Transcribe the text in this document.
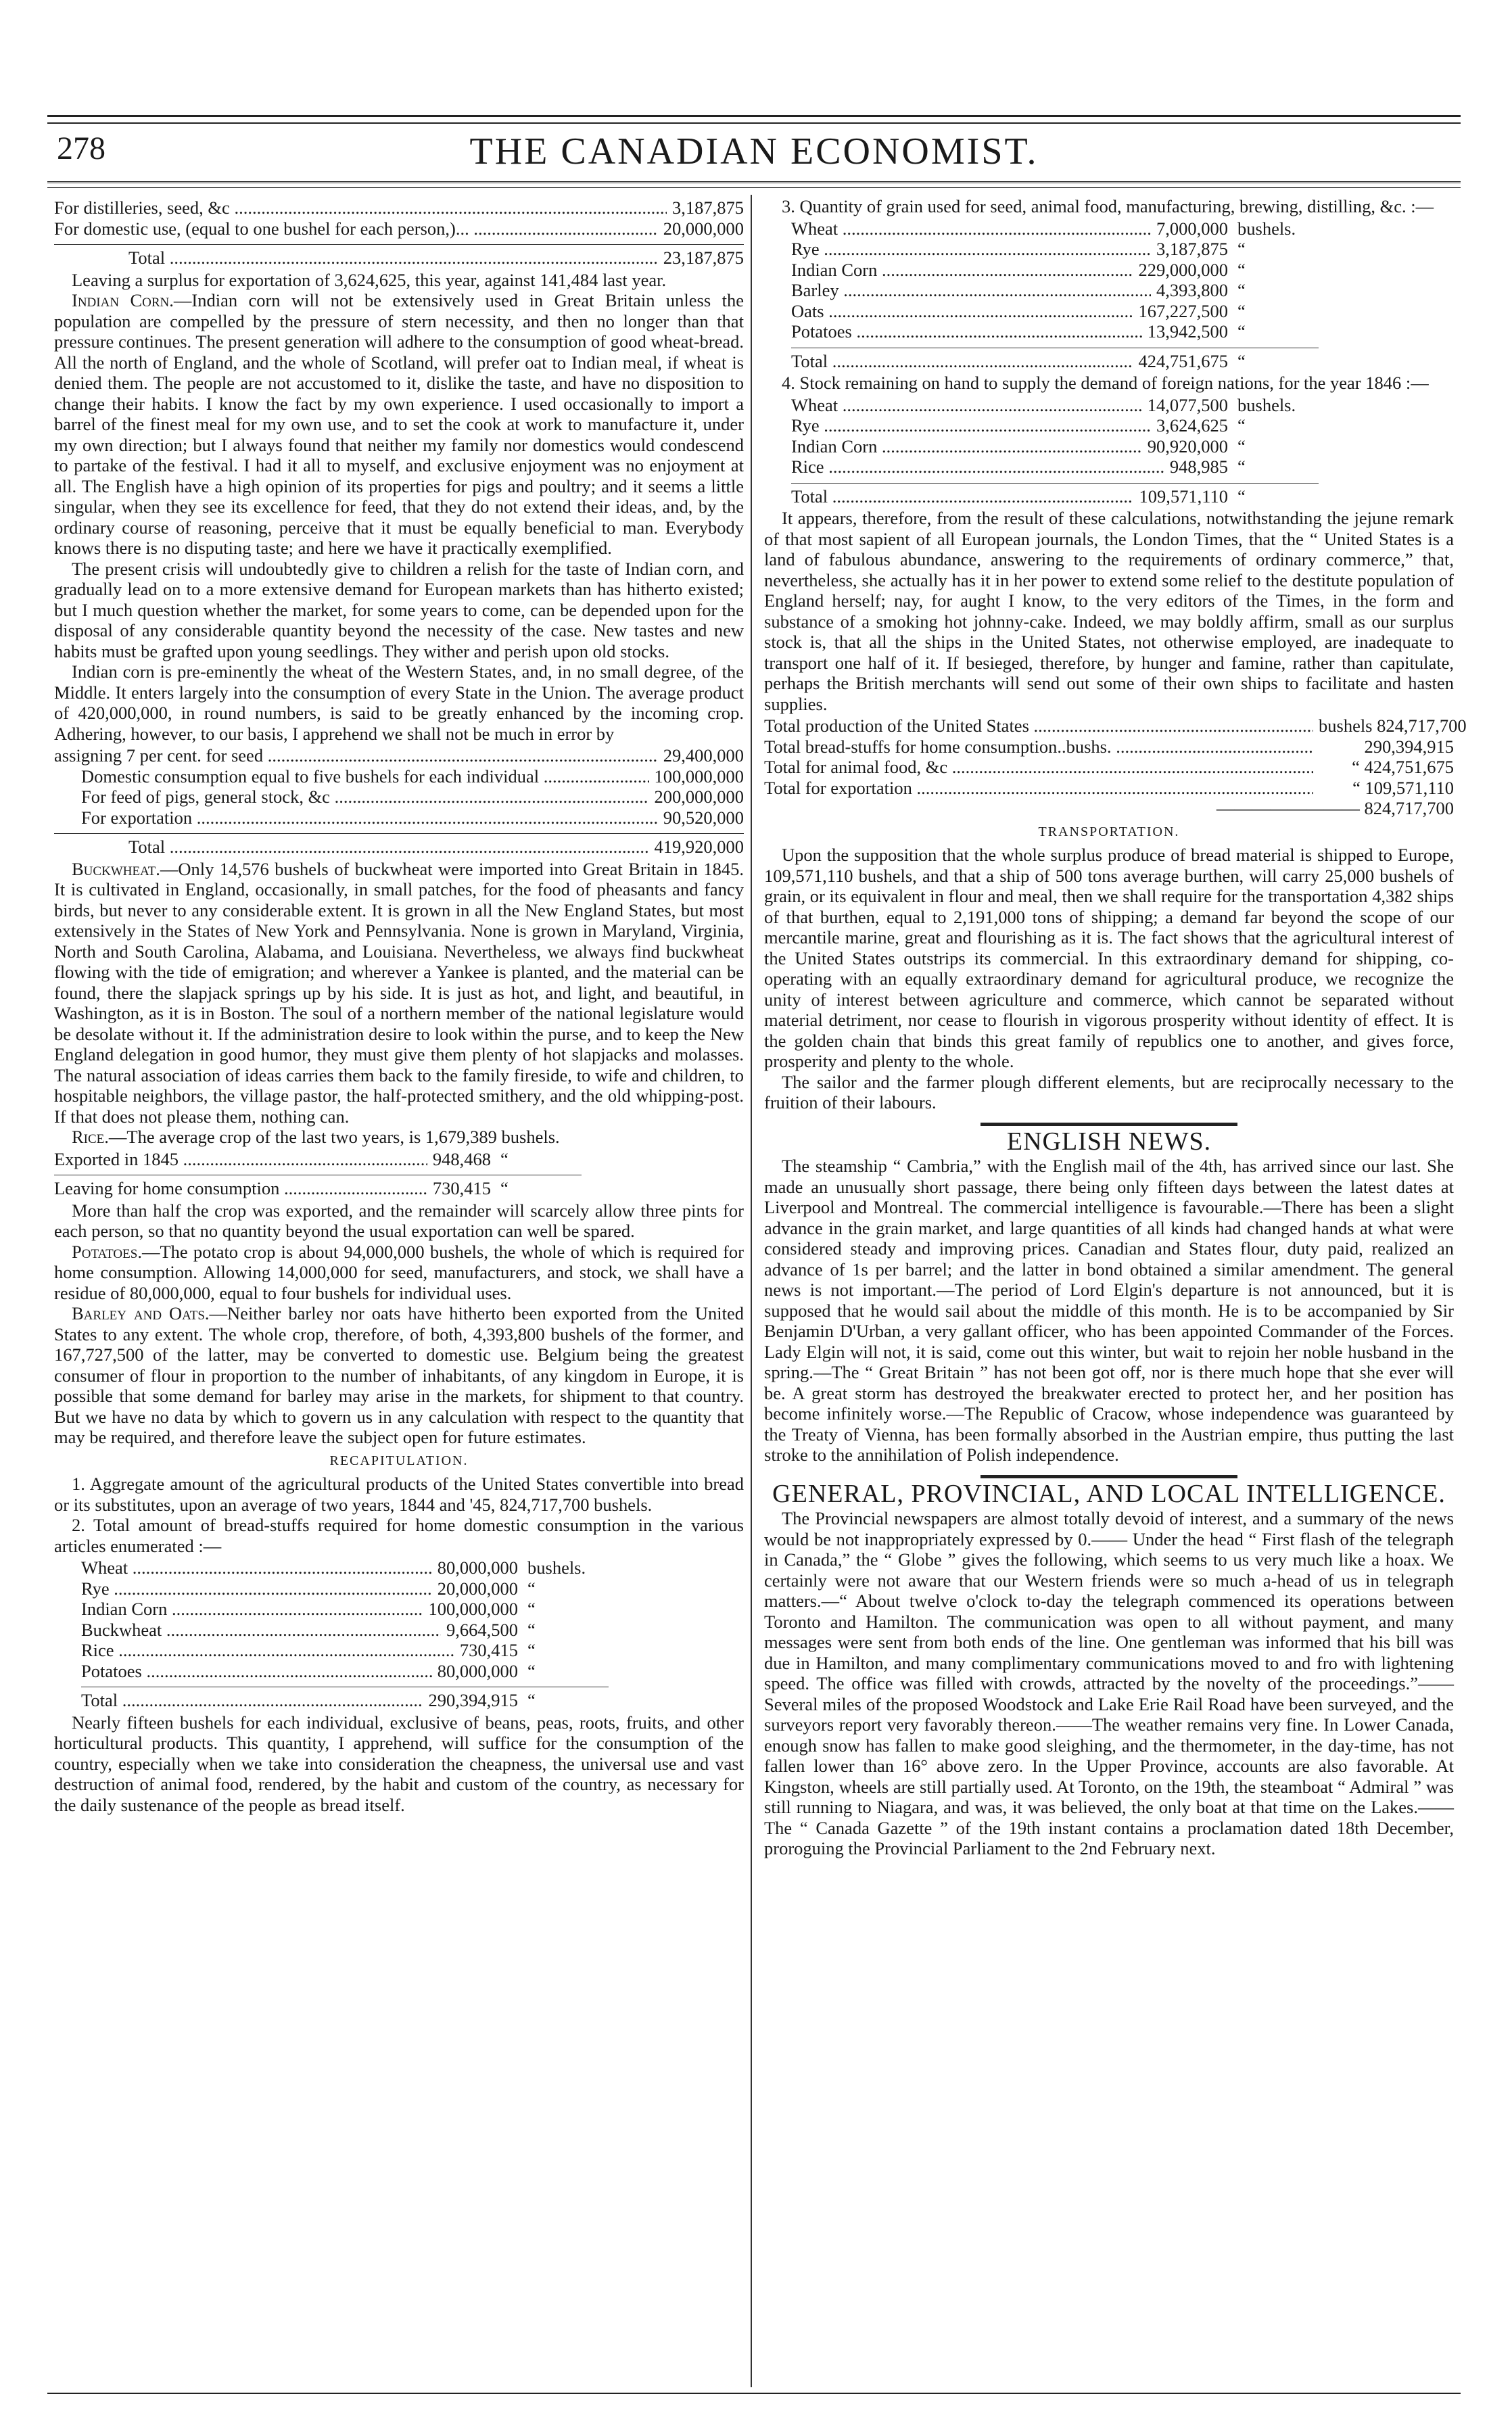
278	THE CANADIAN ECONOMIST.
For distilleries, seed, &c .....	3,187,875
For domestic use, (equal to one bushel for each person,)... .....	20,000,000
Total .....	23,187,875

Leaving a surplus for exportation of 3,624,625, this year, against 141,484 last year.

Indian Corn.—Indian corn will not be extensively used in Great Britain unless the population are compelled by the pressure of stern necessity, and then no longer than that pressure continues. The present generation will adhere to the consumption of good wheat-bread. All the north of England, and the whole of Scotland, will prefer oat to Indian meal, if wheat is denied them. The people are not accustomed to it, dislike the taste, and have no disposition to change their habits. I know the fact by my own experience. I used occasionally to import a barrel of the finest meal for my own use, and to set the cook at work to manufacture it, under my own direction; but I always found that neither my family nor domestics would condescend to partake of the festival. I had it all to myself, and exclusive enjoyment was no enjoyment at all. The English have a high opinion of its properties for pigs and poultry; and it seems a little singular, when they see its excellence for feed, that they do not extend their ideas, and, by the ordinary course of reasoning, perceive that it must be equally beneficial to man. Everybody knows there is no disputing taste; and here we have it practically exemplified.

The present crisis will undoubtedly give to children a relish for the taste of Indian corn, and gradually lead on to a more extensive demand for European markets than has hitherto existed; but I much question whether the market, for some years to come, can be depended upon for the disposal of any considerable quantity beyond the necessity of the case. New tastes and new habits must be grafted upon young seedlings. They wither and perish upon old stocks.

Indian corn is pre-eminently the wheat of the Western States, and, in no small degree, of the Middle. It enters largely into the consumption of every State in the Union. The average product of 420,000,000, in round numbers, is said to be greatly enhanced by the incoming crop. Adhering, however, to our basis, I apprehend we shall not be much in error by

assigning 7 per cent. for seed .....	29,400,000
Domestic consumption equal to five bushels for each individual .....	100,000,000
For feed of pigs, general stock, &c .....	200,000,000
For exportation .....	90,520,000
Total .....	419,920,000

Buckwheat.—Only 14,576 bushels of buckwheat were imported into Great Britain in 1845. It is cultivated in England, occasionally, in small patches, for the food of pheasants and fancy birds, but never to any considerable extent. It is grown in all the New England States, but most extensively in the States of New York and Pennsylvania. None is grown in Maryland, Virginia, North and South Carolina, Alabama, and Louisiana. Nevertheless, we always find buckwheat flowing with the tide of emigration; and wherever a Yankee is planted, and the material can be found, there the slapjack springs up by his side. It is just as hot, and light, and beautiful, in Washington, as it is in Boston. The soul of a northern member of the national legislature would be desolate without it. If the administration desire to look within the purse, and to keep the New England delegation in good humor, they must give them plenty of hot slapjacks and molasses. The natural association of ideas carries them back to the family fireside, to wife and children, to hospitable neighbors, the village pastor, the half-protected smithery, and the old whipping-post. If that does not please them, nothing can.

Rice.—The average crop of the last two years, is 1,679,389 bushels.

Exported in 1845 .....	948,468 “
Leaving for home consumption .....	730,415 “

More than half the crop was exported, and the remainder will scarcely allow three pints for each person, so that no quantity beyond the usual exportation can well be spared.

Potatoes.—The potato crop is about 94,000,000 bushels, the whole of which is required for home consumption. Allowing 14,000,000 for seed, manufacturers, and stock, we shall have a residue of 80,000,000, equal to four bushels for individual uses.

Barley and Oats.—Neither barley nor oats have hitherto been exported from the United States to any extent. The whole crop, therefore, of both, 4,393,800 bushels of the former, and 167,727,500 of the latter, may be converted to domestic use. Belgium being the greatest consumer of flour in proportion to the number of inhabitants, of any kingdom in Europe, it is possible that some demand for barley may arise in the markets, for shipment to that country. But we have no data by which to govern us in any calculation with respect to the quantity that may be required, and therefore leave the subject open for future estimates.

RECAPITULATION.

1. Aggregate amount of the agricultural products of the United States convertible into bread or its substitutes, upon an average of two years, 1844 and '45, 824,717,700 bushels.

2. Total amount of bread-stuffs required for home domestic consumption in the various articles enumerated :—

Wheat .....	80,000,000 bushels.
Rye .....	20,000,000 “
Indian Corn .....	100,000,000 “
Buckwheat .....	9,664,500 “
Rice .....	730,415 “
Potatoes .....	80,000,000 “
Total .....	290,394,915 “

Nearly fifteen bushels for each individual, exclusive of beans, peas, roots, fruits, and other horticultural products. This quantity, I apprehend, will suffice for the consumption of the country, especially when we take into consideration the cheapness, the universal use and vast destruction of animal food, rendered, by the habit and custom of the country, as necessary for the daily sustenance of the people as bread itself.

3. Quantity of grain used for seed, animal food, manufacturing, brewing, distilling, &c. :—

Wheat .....	7,000,000 bushels.
Rye .....	3,187,875 “
Indian Corn .....	229,000,000 “
Barley .....	4,393,800 “
Oats .....	167,227,500 “
Potatoes .....	13,942,500 “
Total .....	424,751,675 “

4. Stock remaining on hand to supply the demand of foreign nations, for the year 1846 :—

Wheat .....	14,077,500 bushels.
Rye .....	3,624,625 “
Indian Corn .....	90,920,000 “
Rice .....	948,985 “
Total .....	109,571,110 “

It appears, therefore, from the result of these calculations, notwithstanding the jejune remark of that most sapient of all European journals, the London Times, that the “ United States is a land of fabulous abundance, answering to the requirements of ordinary commerce,” that, nevertheless, she actually has it in her power to extend some relief to the destitute population of England herself; nay, for aught I know, to the very editors of the Times, in the form and substance of a smoking hot johnny-cake. Indeed, we may boldly affirm, small as our surplus stock is, that all the ships in the United States, not otherwise employed, are inadequate to transport one half of it. If besieged, therefore, by hunger and famine, rather than capitulate, perhaps the British merchants will send out some of their own ships to facilitate and hasten supplies.

Total production of the United States .....	bushels 824,717,700
Total bread-stuffs for home consumption..bushs. .....	290,394,915
Total for animal food, &c .....	“ 424,751,675
Total for exportation .....	“ 109,571,110
———————— 824,717,700
TRANSPORTATION.

Upon the supposition that the whole surplus produce of bread material is shipped to Europe, 109,571,110 bushels, and that a ship of 500 tons average burthen, will carry 25,000 bushels of grain, or its equivalent in flour and meal, then we shall require for the transportation 4,382 ships of that burthen, equal to 2,191,000 tons of shipping; a demand far beyond the scope of our mercantile marine, great and flourishing as it is. The fact shows that the agricultural interest of the United States outstrips its commercial. In this extraordinary demand for shipping, co-operating with an equally extraordinary demand for agricultural produce, we recognize the unity of interest between agriculture and commerce, which cannot be separated without material detriment, nor cease to flourish in vigorous prosperity without identity of effect. It is the golden chain that binds this great family of republics one to another, and gives force, prosperity and plenty to the whole.

The sailor and the farmer plough different elements, but are reciprocally necessary to the fruition of their labours.

ENGLISH NEWS.

The steamship “ Cambria,” with the English mail of the 4th, has arrived since our last. She made an unusually short passage, there being only fifteen days between the latest dates at Liverpool and Montreal. The commercial intelligence is favourable.—There has been a slight advance in the grain market, and large quantities of all kinds had changed hands at what were considered steady and improving prices. Canadian and States flour, duty paid, realized an advance of 1s per barrel; and the latter in bond obtained a similar amendment. The general news is not important.—The period of Lord Elgin's departure is not announced, but it is supposed that he would sail about the middle of this month. He is to be accompanied by Sir Benjamin D'Urban, a very gallant officer, who has been appointed Commander of the Forces. Lady Elgin will not, it is said, come out this winter, but wait to rejoin her noble husband in the spring.—The “ Great Britain ” has not been got off, nor is there much hope that she ever will be. A great storm has destroyed the breakwater erected to protect her, and her position has become infinitely worse.—The Republic of Cracow, whose independence was guaranteed by the Treaty of Vienna, has been formally absorbed in the Austrian empire, thus putting the last stroke to the annihilation of Polish independence.

GENERAL, PROVINCIAL, AND LOCAL INTELLIGENCE.

The Provincial newspapers are almost totally devoid of interest, and a summary of the news would be not inappropriately expressed by 0.—— Under the head “ First flash of the telegraph in Canada,” the “ Globe ” gives the following, which seems to us very much like a hoax. We certainly were not aware that our Western friends were so much a-head of us in telegraph matters.—“ About twelve o'clock to-day the telegraph commenced its operations between Toronto and Hamilton. The communication was open to all without payment, and many messages were sent from both ends of the line. One gentleman was informed that his bill was due in Hamilton, and many complimentary communications moved to and fro with lightening speed. The office was filled with crowds, attracted by the novelty of the proceedings.”——Several miles of the proposed Woodstock and Lake Erie Rail Road have been surveyed, and the surveyors report very favorably thereon.——The weather remains very fine. In Lower Canada, enough snow has fallen to make good sleighing, and the thermometer, in the day-time, has not fallen lower than 16° above zero. In the Upper Province, accounts are also favorable. At Kingston, wheels are still partially used. At Toronto, on the 19th, the steamboat “ Admiral ” was still running to Niagara, and was, it was believed, the only boat at that time on the Lakes.—— The “ Canada Gazette ” of the 19th instant contains a proclamation dated 18th December, proroguing the Provincial Parliament to the 2nd February next.
